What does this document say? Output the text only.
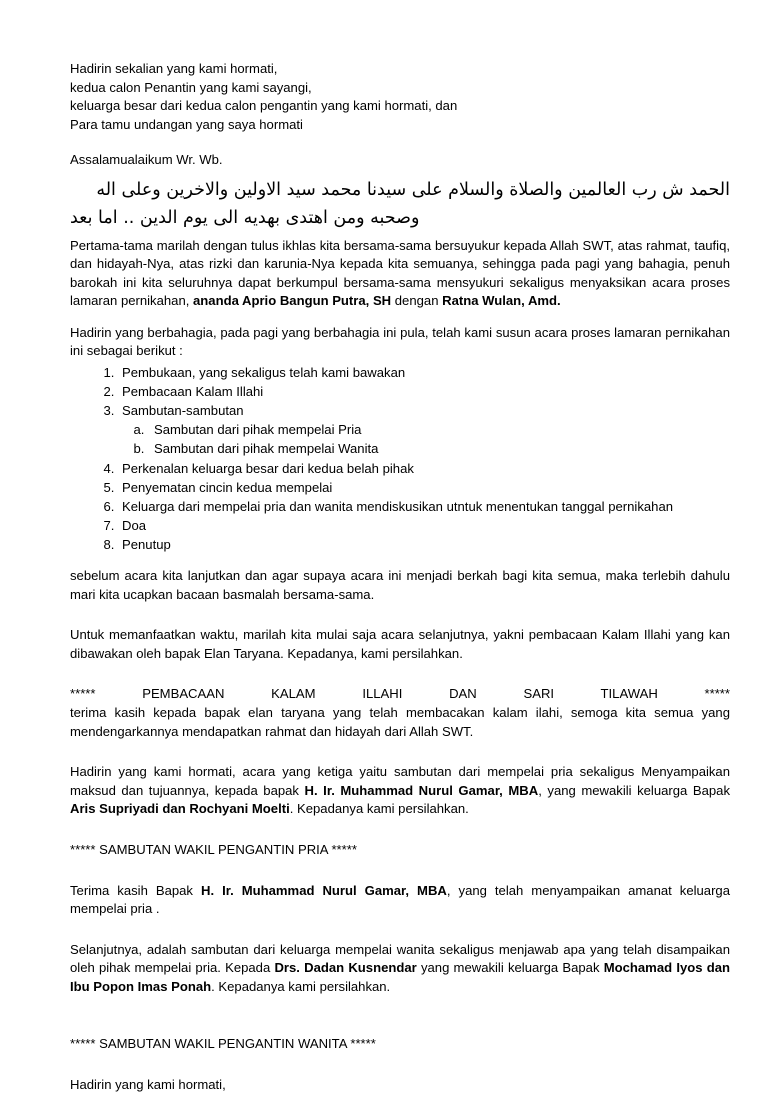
Hadirin sekalian yang kami hormati,

kedua calon Penantin yang kami sayangi,

keluarga besar dari kedua calon pengantin yang kami hormati, dan

Para tamu undangan yang saya hormati

Assalamualaikum Wr. Wb.

الحمد ش رب العالمين والصلاة والسلام على سيدنا محمد سيد الاولين والاخرين وعلى اله
وصحبه ومن اهتدى بهديه الى يوم الدين .. اما بعد

Pertama-tama marilah dengan tulus ikhlas kita bersama-sama bersuyukur kepada Allah SWT, atas rahmat, taufiq, dan hidayah-Nya, atas rizki dan karunia-Nya kepada kita semuanya, sehingga pada pagi yang bahagia, penuh barokah ini kita seluruhnya dapat berkumpul bersama-sama mensyukuri sekaligus menyaksikan acara proses lamaran pernikahan, ananda Aprio Bangun Putra, SH dengan Ratna Wulan, Amd.

Hadirin yang berbahagia, pada pagi yang berbahagia ini pula, telah kami susun acara proses lamaran pernikahan ini sebagai berikut :

1. Pembukaan, yang sekaligus telah kami bawakan
2. Pembacaan Kalam Illahi
3. Sambutan-sambutan
a. Sambutan dari pihak mempelai Pria
b. Sambutan dari pihak mempelai Wanita
4. Perkenalan keluarga besar dari kedua belah pihak
5. Penyematan cincin kedua mempelai
6. Keluarga dari mempelai pria dan wanita mendiskusikan utntuk menentukan tanggal pernikahan
7. Doa
8. Penutup

sebelum acara kita lanjutkan dan agar supaya acara ini menjadi berkah bagi kita semua, maka terlebih dahulu mari kita ucapkan bacaan basmalah bersama-sama.

Untuk memanfaatkan waktu, marilah kita mulai saja acara selanjutnya, yakni pembacaan Kalam Illahi yang kan dibawakan oleh bapak Elan Taryana. Kepadanya, kami persilahkan.

***** PEMBACAAN KALAM ILLAHI DAN SARI TILAWAH *****

terima kasih kepada bapak elan taryana yang telah membacakan kalam ilahi, semoga kita semua yang mendengarkannya mendapatkan rahmat dan hidayah dari Allah SWT.

Hadirin yang kami hormati, acara yang ketiga yaitu sambutan dari mempelai pria sekaligus Menyampaikan maksud dan tujuannya, kepada bapak H. Ir. Muhammad Nurul Gamar, MBA, yang mewakili keluarga Bapak Aris Supriyadi dan Rochyani Moelti. Kepadanya kami persilahkan.

***** SAMBUTAN WAKIL PENGANTIN PRIA *****

Terima kasih Bapak H. Ir. Muhammad Nurul Gamar, MBA, yang telah menyampaikan amanat keluarga mempelai pria .

Selanjutnya, adalah sambutan dari keluarga mempelai wanita sekaligus menjawab apa yang telah disampaikan oleh pihak mempelai pria. Kepada Drs. Dadan Kusnendar yang mewakili keluarga Bapak Mochamad Iyos dan Ibu Popon Imas Ponah. Kepadanya kami persilahkan.

***** SAMBUTAN WAKIL PENGANTIN WANITA *****

Hadirin yang kami hormati,
